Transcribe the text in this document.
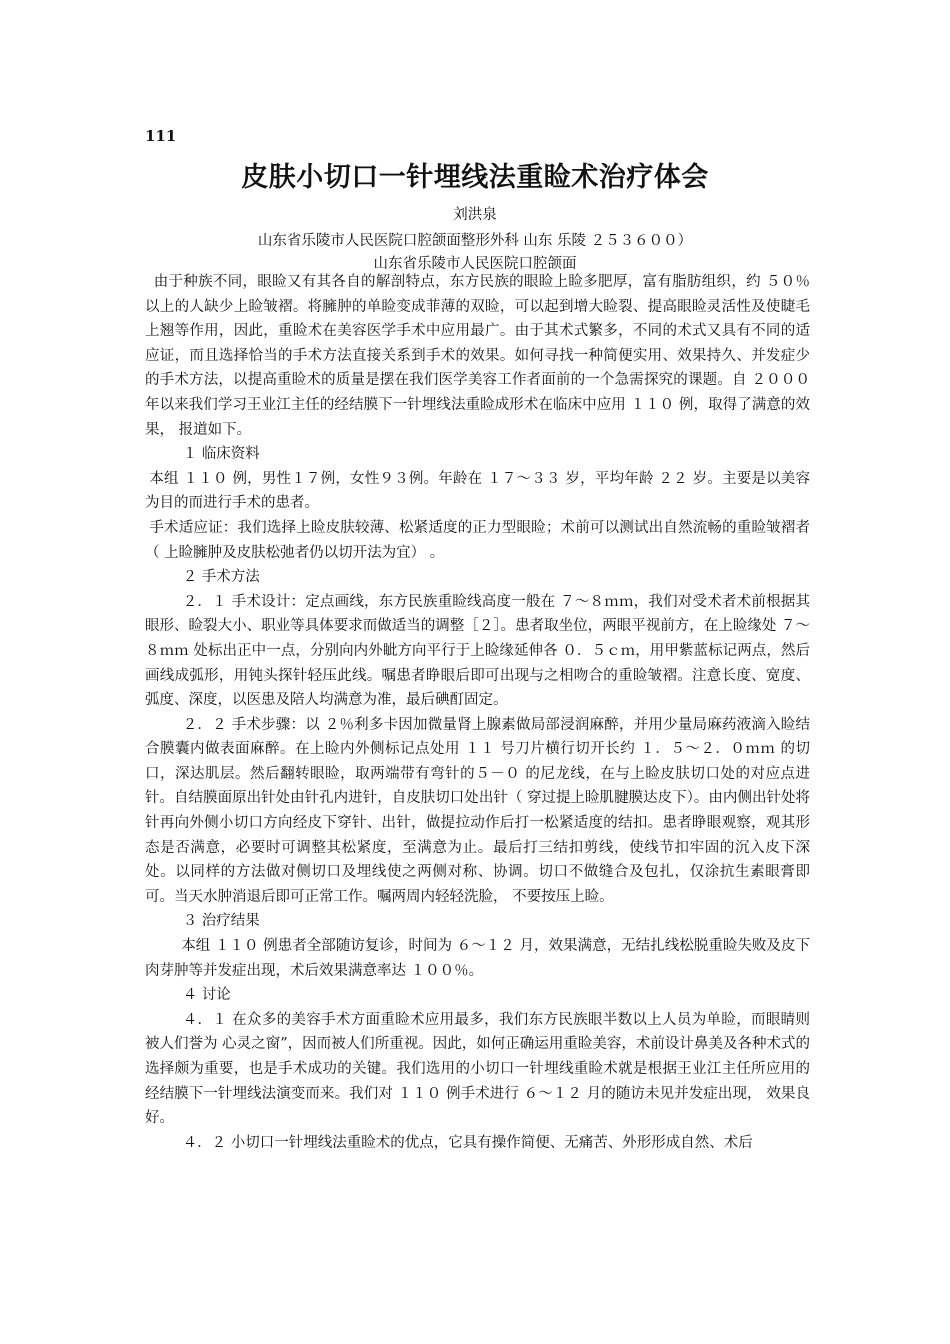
111
皮肤小切口一针埋线法重睑术治疗体会
刘洪泉
山东省乐陵市人民医院口腔颌面整形外科 山东 乐陵 ２５３６００）
山东省乐陵市人民医院口腔颌面

由于种族不同，眼睑又有其各自的解剖特点，东方民族的眼睑上睑多肥厚，富有脂肪组织，约 ５０％以上的人缺少上睑皱褶。将臃肿的单睑变成菲薄的双睑，可以起到增大睑裂、提高眼睑灵活性及使睫毛上翘等作用，因此，重睑术在美容医学手术中应用最广。由于其术式繁多，不同的术式又具有不同的适应证，而且选择恰当的手术方法直接关系到手术的效果。如何寻找一种简便实用、效果持久、并发症少的手术方法，以提高重睑术的质量是摆在我们医学美容工作者面前的一个急需探究的课题。自 ２０００ 年以来我们学习王业江主任的经结膜下一针埋线法重睑成形术在临床中应用 １１０ 例，取得了满意的效果， 报道如下。

１ 临床资料

本组 １１０ 例，男性１７例，女性９３例。年龄在 １７～３３ 岁，平均年龄 ２２ 岁。主要是以美容为目的而进行手术的患者。

手术适应证：我们选择上睑皮肤较薄、松紧适度的正力型眼睑；术前可以测试出自然流畅的重睑皱褶者（ 上睑臃肿及皮肤松弛者仍以切开法为宜） 。

２ 手术方法

２．１ 手术设计：定点画线，东方民族重睑线高度一般在 ７～８ｍｍ，我们对受术者术前根据其眼形、睑裂大小、职业等具体要求而做适当的调整［２］。患者取坐位，两眼平视前方，在上睑缘处 ７～８ｍｍ 处标出正中一点，分别向内外眦方向平行于上睑缘延伸各 ０．５ｃｍ，用甲紫蓝标记两点，然后画线成弧形，用钝头探针轻压此线。嘱患者睁眼后即可出现与之相吻合的重睑皱褶。注意长度、宽度、弧度、深度，以医患及陪人均满意为准，最后碘酊固定。

２．２ 手术步骤：以 ２％利多卡因加微量肾上腺素做局部浸润麻醉，并用少量局麻药液滴入睑结合膜囊内做表面麻醉。在上睑内外侧标记点处用 １１ 号刀片横行切开长约 １．５～２．０ｍｍ 的切口，深达肌层。然后翻转眼睑，取两端带有弯针的５－０ 的尼龙线，在与上睑皮肤切口处的对应点进针。自结膜面原出针处由针孔内进针，自皮肤切口处出针（ 穿过提上睑肌腱膜达皮下）。由内侧出针处将针再向外侧小切口方向经皮下穿针、出针，做提拉动作后打一松紧适度的结扣。患者睁眼观察，观其形态是否满意，必要时可调整其松紧度，至满意为止。最后打三结扣剪线，使线节扣牢固的沉入皮下深处。以同样的方法做对侧切口及埋线使之两侧对称、协调。切口不做缝合及包扎，仅涂抗生素眼膏即可。当天水肿消退后即可正常工作。嘱两周内轻轻洗脸， 不要按压上睑。

３ 治疗结果

本组 １１０ 例患者全部随访复诊，时间为 ６～１２ 月，效果满意，无结扎线松脱重睑失败及皮下肉芽肿等并发症出现，术后效果满意率达 １００％。

４ 讨论

４．１ 在众多的美容手术方面重睑术应用最多，我们东方民族眼半数以上人员为单睑，而眼睛则被人们誉为 心灵之窗”，因而被人们所重视。因此，如何正确运用重睑美容，术前设计鼻美及各种术式的选择颇为重要，也是手术成功的关键。我们选用的小切口一针埋线重睑术就是根据王业江主任所应用的经结膜下一针埋线法演变而来。我们对 １１０ 例手术进行 ６～１２ 月的随访未见并发症出现， 效果良好。

４．２ 小切口一针埋线法重睑术的优点，它具有操作简便、无痛苦、外形形成自然、术后
